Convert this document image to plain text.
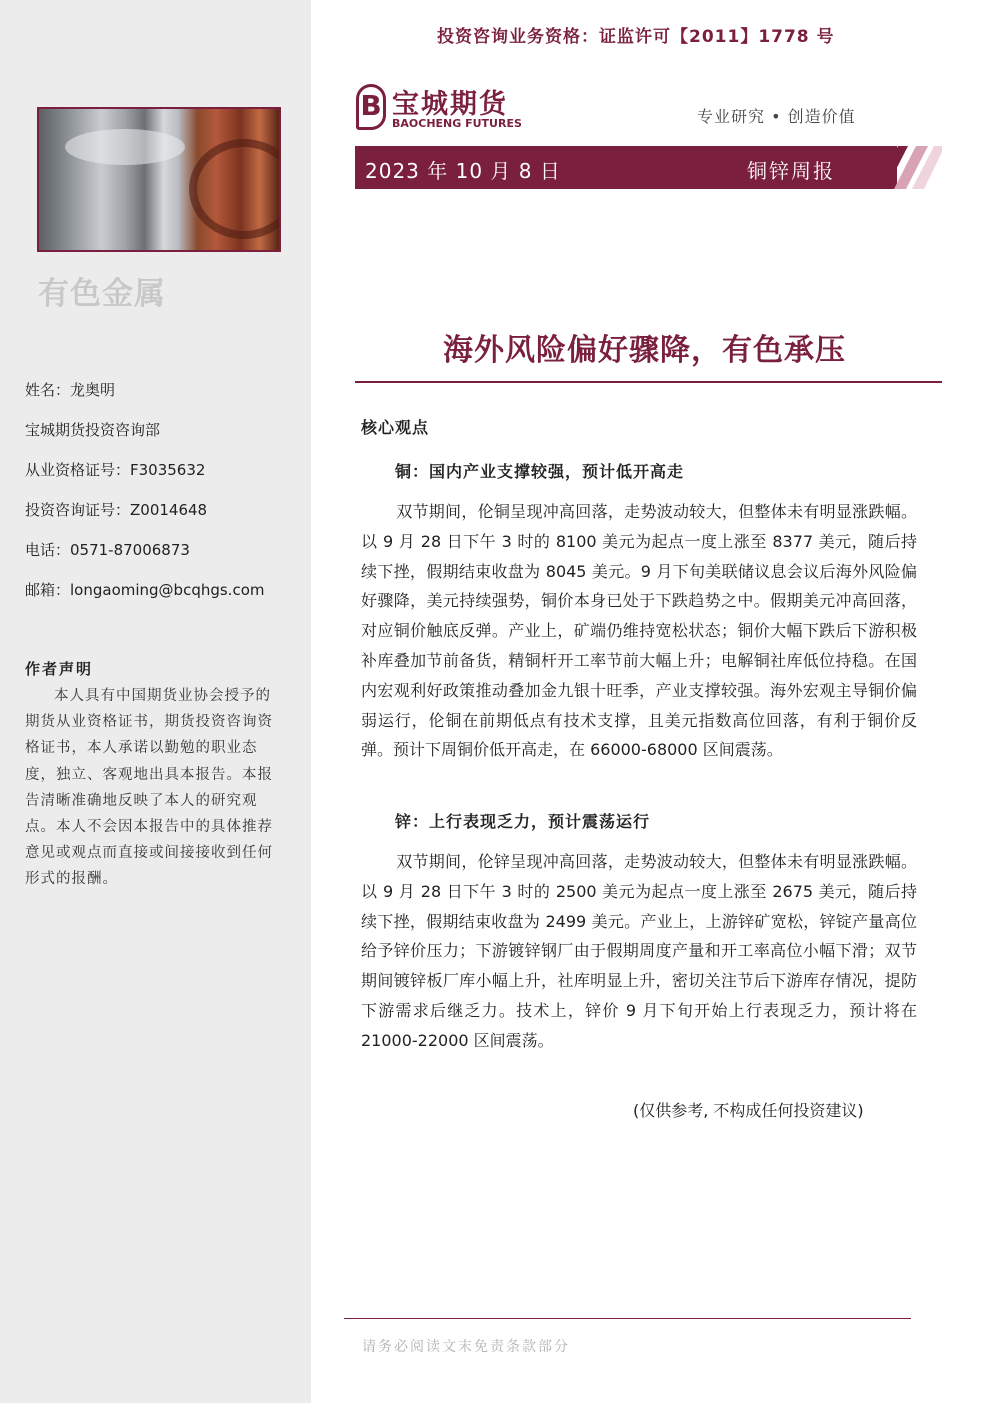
有色金属
姓名：龙奥明
宝城期货投资咨询部
从业资格证号：F3035632
投资咨询证号：Z0014648
电话：0571-87006873
邮箱：longaoming@bcqhgs.com
作者声明
本人具有中国期货业协会授予的期货从业资格证书，期货投资咨询资格证书，本人承诺以勤勉的职业态度，独立、客观地出具本报告。本报告清晰准确地反映了本人的研究观点。本人不会因本报告中的具体推荐意见或观点而直接或间接接收到任何形式的报酬。
投资咨询业务资格：证监许可【2011】1778 号
B 宝城期货
BAOCHENG FUTURES	专业研究 • 创造价值
2023 年 10 月 8 日	铜锌周报
海外风险偏好骤降，有色承压
核心观点
铜：国内产业支撑较强，预计低开高走
双节期间，伦铜呈现冲高回落，走势波动较大，但整体未有明显涨跌幅。以 9 月 28 日下午 3 时的 8100 美元为起点一度上涨至 8377 美元，随后持续下挫，假期结束收盘为 8045 美元。9 月下旬美联储议息会议后海外风险偏好骤降，美元持续强势，铜价本身已处于下跌趋势之中。假期美元冲高回落，对应铜价触底反弹。产业上，矿端仍维持宽松状态；铜价大幅下跌后下游积极补库叠加节前备货，精铜杆开工率节前大幅上升；电解铜社库低位持稳。在国内宏观利好政策推动叠加金九银十旺季，产业支撑较强。海外宏观主导铜价偏弱运行，伦铜在前期低点有技术支撑，且美元指数高位回落，有利于铜价反弹。预计下周铜价低开高走，在 66000-68000 区间震荡。
锌：上行表现乏力，预计震荡运行
双节期间，伦锌呈现冲高回落，走势波动较大，但整体未有明显涨跌幅。以 9 月 28 日下午 3 时的 2500 美元为起点一度上涨至 2675 美元，随后持续下挫，假期结束收盘为 2499 美元。产业上，上游锌矿宽松，锌锭产量高位给予锌价压力；下游镀锌钢厂由于假期周度产量和开工率高位小幅下滑；双节期间镀锌板厂库小幅上升，社库明显上升，密切关注节后下游库存情况，提防下游需求后继乏力。技术上，锌价 9 月下旬开始上行表现乏力，预计将在 21000-22000 区间震荡。
(仅供参考, 不构成任何投资建议)
请务必阅读文末免责条款部分
